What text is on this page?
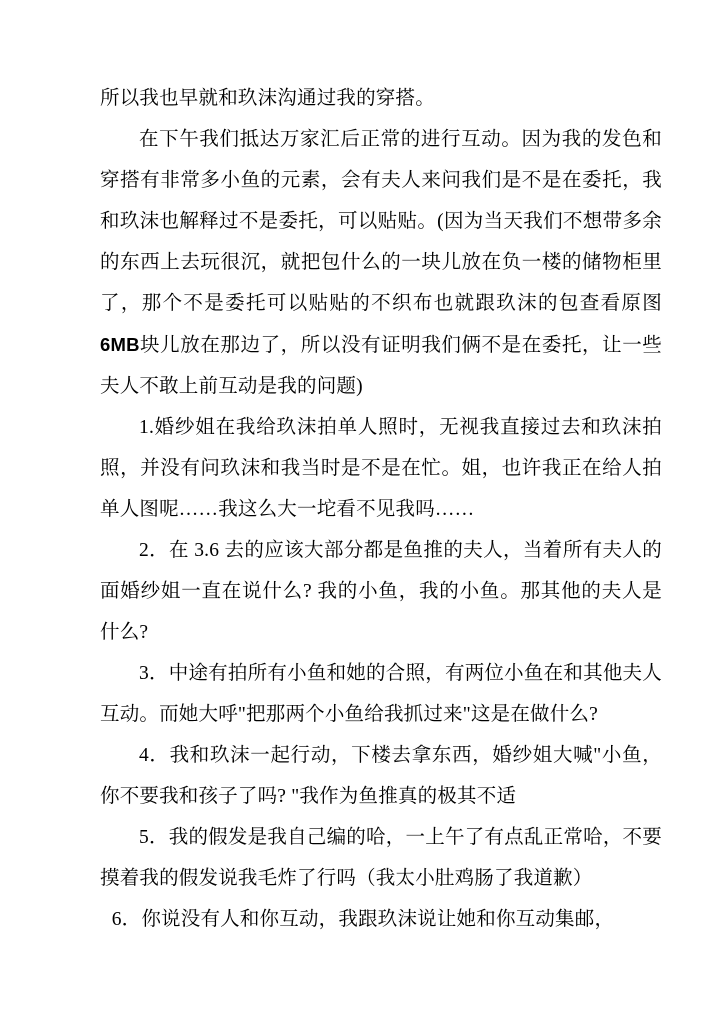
所以我也早就和玖沫沟通过我的穿搭。

在下午我们抵达万家汇后正常的进行互动。因为我的发色和穿搭有非常多小鱼的元素，会有夫人来问我们是不是在委托，我和玖沫也解释过不是委托，可以贴贴。(因为当天我们不想带多余的东西上去玩很沉，就把包什么的一块儿放在负一楼的储物柜里了，那个不是委托可以贴贴的不织布也就跟玖沫的包查看原图 6MB块儿放在那边了，所以没有证明我们俩不是在委托，让一些夫人不敢上前互动是我的问题)

1.婚纱姐在我给玖沫拍单人照时，无视我直接过去和玖沫拍照，并没有问玖沫和我当时是不是在忙。姐，也许我正在给人拍单人图呢……我这么大一坨看不见我吗……

2．在 3.6 去的应该大部分都是鱼推的夫人，当着所有夫人的面婚纱姐一直在说什么? 我的小鱼，我的小鱼。那其他的夫人是什么?

3．中途有拍所有小鱼和她的合照，有两位小鱼在和其他夫人互动。而她大呼"把那两个小鱼给我抓过来"这是在做什么?

4．我和玖沫一起行动，下楼去拿东西，婚纱姐大喊"小鱼，你不要我和孩子了吗? "我作为鱼推真的极其不适

5．我的假发是我自己编的哈，一上午了有点乱正常哈，不要摸着我的假发说我毛炸了行吗（我太小肚鸡肠了我道歉）

6．你说没有人和你互动，我跟玖沫说让她和你互动集邮，
